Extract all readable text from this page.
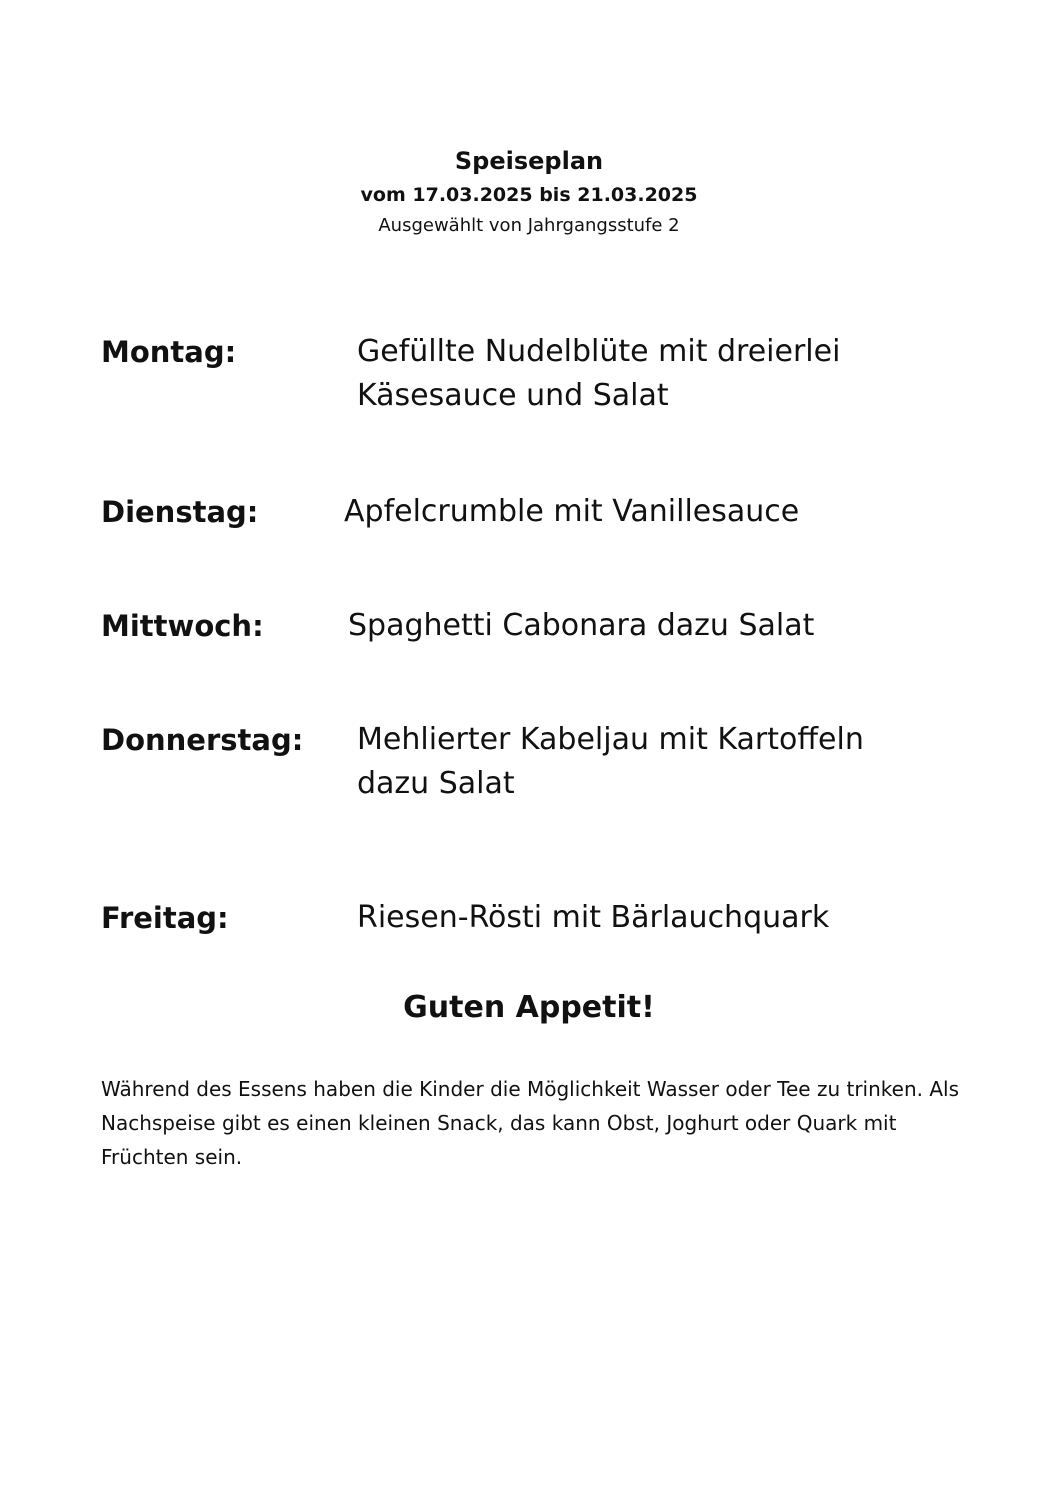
Speiseplan
vom 17.03.2025 bis 21.03.2025
Ausgewählt von Jahrgangsstufe 2
Montag:	Gefüllte Nudelblüte mit dreierlei Käsesauce und Salat
Dienstag:	Apfelcrumble mit Vanillesauce
Mittwoch:	Spaghetti Cabonara dazu Salat
Donnerstag: Mehlierter Kabeljau mit Kartoffeln dazu Salat
Freitag:	Riesen-Rösti mit Bärlauchquark
Guten Appetit!
Während des Essens haben die Kinder die Möglichkeit Wasser oder Tee zu trinken. Als Nachspeise gibt es einen kleinen Snack, das kann Obst, Joghurt oder Quark mit Früchten sein.
